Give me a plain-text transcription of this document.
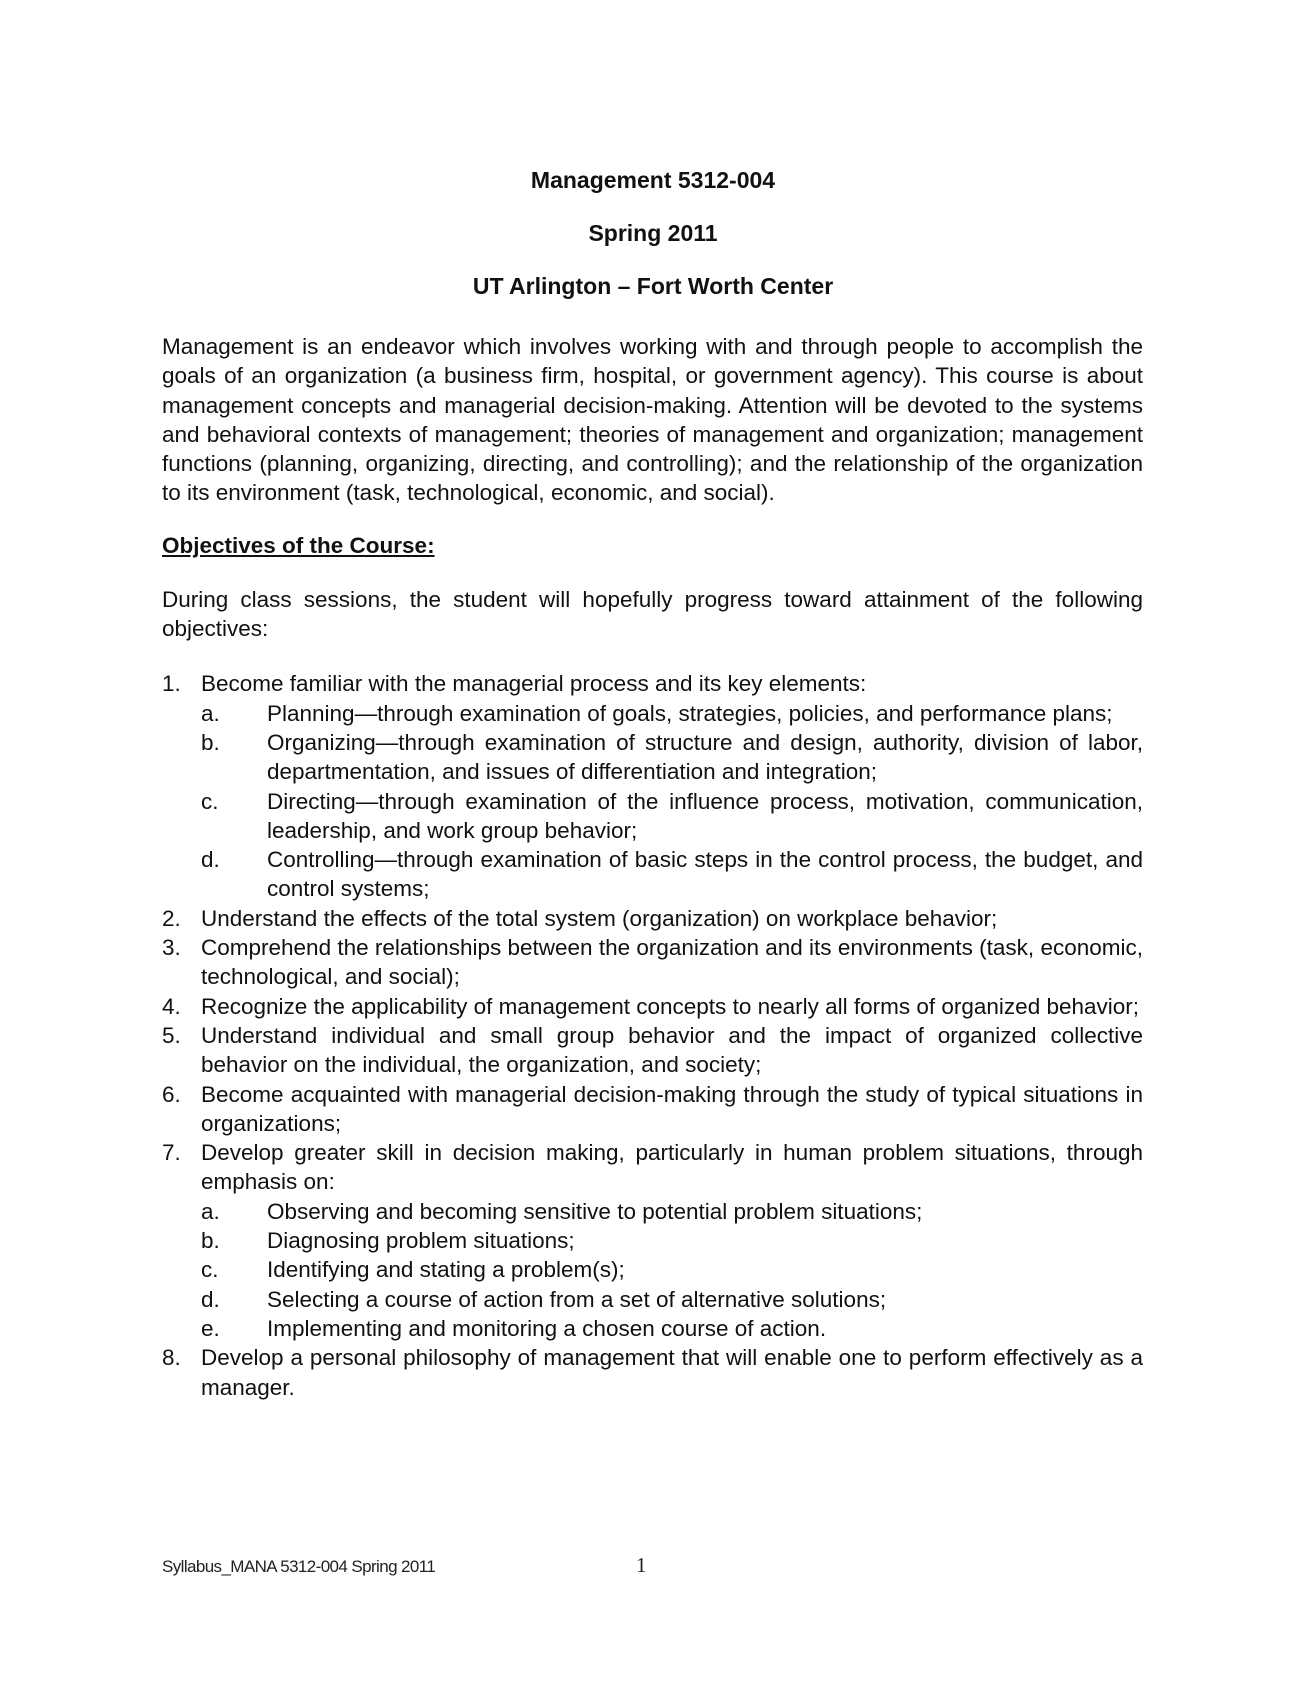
Management 5312-004
Spring 2011
UT Arlington – Fort Worth Center

Management is an endeavor which involves working with and through people to accomplish the goals of an organization (a business firm, hospital, or government agency). This course is about management concepts and managerial decision-making. Attention will be devoted to the systems and behavioral contexts of management; theories of management and organization; management functions (planning, organizing, directing, and controlling); and the relationship of the organization to its environment (task, technological, economic, and social).

Objectives of the Course:

During class sessions, the student will hopefully progress toward attainment of the following objectives:

1. Become familiar with the managerial process and its key elements:
a.	Planning—through examination of goals, strategies, policies, and performance plans;
b.	Organizing—through examination of structure and design, authority, division of labor, departmentation, and issues of differentiation and integration;
c.	Directing—through examination of the influence process, motivation, communication, leadership, and work group behavior;
d.	Controlling—through examination of basic steps in the control process, the budget, and control systems;
2. Understand the effects of the total system (organization) on workplace behavior;
3. Comprehend the relationships between the organization and its environments (task, economic, technological, and social);
4. Recognize the applicability of management concepts to nearly all forms of organized behavior;
5. Understand individual and small group behavior and the impact of organized collective behavior on the individual, the organization, and society;
6. Become acquainted with managerial decision-making through the study of typical situations in organizations;
7. Develop greater skill in decision making, particularly in human problem situations, through emphasis on:
a.	Observing and becoming sensitive to potential problem situations;
b.	Diagnosing problem situations;
c.	Identifying and stating a problem(s);
d.	Selecting a course of action from a set of alternative solutions;
e.	Implementing and monitoring a chosen course of action.
8. Develop a personal philosophy of management that will enable one to perform effectively as a manager.
Syllabus_MANA 5312-004 Spring 2011	1
